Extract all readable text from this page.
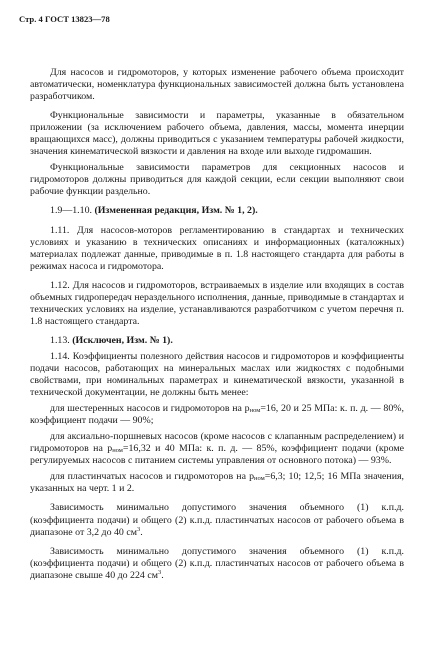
Стр. 4 ГОСТ 13823—78

Для насосов и гидромоторов, у которых изменение рабочего объема происходит автоматически, номенклатура функциональных зависимостей должна быть установлена разработчиком.

Функциональные зависимости и параметры, указанные в обязательном приложении (за исключением рабочего объема, давления, массы, момента инерции вращающихся масс), должны приводиться с указанием температуры рабочей жидкости, значения кинематической вязкости и давления на входе или выходе гидромашин.

Функциональные зависимости параметров для секционных насосов и гидромоторов должны приводиться для каждой секции, если секции выполняют свои рабочие функции раздельно.

1.9—1.10. (Измененная редакция, Изм. № 1, 2).

1.11. Для насосов-моторов регламентированию в стандартах и технических условиях и указанию в технических описаниях и информационных (каталожных) материалах подлежат данные, приводимые в п. 1.8 настоящего стандарта для работы в режимах насоса и гидромотора.

1.12. Для насосов и гидромоторов, встраиваемых в изделие или входящих в состав объемных гидропередач нераздельного исполнения, данные, приводимые в стандартах и технических условиях на изделие, устанавливаются разработчиком с учетом перечня п. 1.8 настоящего стандарта.

1.13. (Исключен, Изм. № 1).

1.14. Коэффициенты полезного действия насосов и гидромоторов и коэффициенты подачи насосов, работающих на минеральных маслах или жидкостях с подобными свойствами, при номинальных параметрах и кинематической вязкости, указанной в технической документации, не должны быть менее:

для шестеренных насосов и гидромоторов на $p_{ном}=16$, 20 и 25 МПа: к. п. д. — 80%, коэффициент подачи — 90%;

для аксиально-поршневых насосов (кроме насосов с клапанным распределением) и гидромоторов на $p_{ном}=16,32$ и 40 МПа: к. п. д. — 85%, коэффициент подачи (кроме регулируемых насосов с питанием системы управления от основного потока) — 93%.

для пластинчатых насосов и гидромоторов на $p_{ном}=6,3$; 10; 12,5; 16 МПа значения, указанных на черт. 1 и 2.

Зависимость минимально допустимого значения объемного (1) к.п.д. (коэффициента подачи) и общего (2) к.п.д. пластинчатых насосов от рабочего объема в диапазоне от 3,2 до 40 $см^3$.

Зависимость минимально допустимого значения объемного (1) к.п.д. (коэффициента подачи) и общего (2) к.п.д. пластинчатых насосов от рабочего объема в диапазоне свыше 40 до 224 $см^3$.
